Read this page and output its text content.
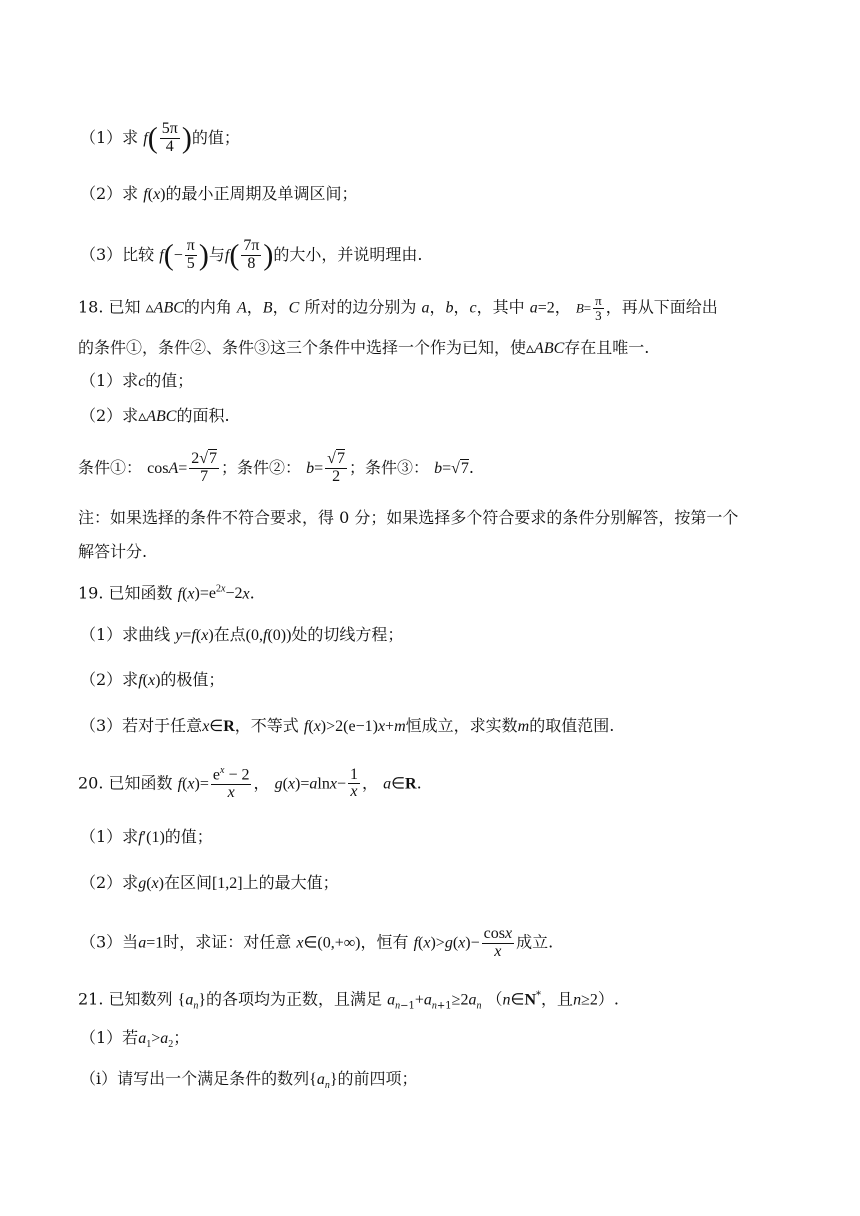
（1）求 $f( \frac{5\pi}{4}$ )的值；
（2）求 f(x)的最小正周期及单调区间；
（3）比较 $f(- \frac{\pi}{5}$ )与$f( \frac{7\pi}{8}$ )的大小，并说明理由.
18. 已知 ▵ABC的内角 A，B，C 所对的边分别为 a，b，c，其中 a=2， $B= \frac{\pi}{3}$ ，再从下面给出
的条件①，条件②、条件③这三个条件中选择一个作为已知，使▵ABC存在且唯一.
（1）求c的值；
（2）求▵ABC的面积.
条件①： $\cos A= \frac{2√7}{7}$ ；条件②： $b= \frac{√7}{2}$ ；条件③： b=√7.
注：如果选择的条件不符合要求，得 0 分；如果选择多个符合要求的条件分别解答，按第一个
解答计分.
19. 已知函数 $f(x)=e^{2x}-2x$.
（1）求曲线 y=f(x)在点(0,f(0))处的切线方程；
（2）求f(x)的极值；
（3）若对于任意x∈R，不等式 f(x)>2(e−1)x+m恒成立，求实数m的取值范围.
20. 已知函数 $f(x)= \frac{e^x - 2}{x}$ ， $g(x)=alnx- \frac{1}{x}$ ， a∈R.
（1）求f′(1)的值；
（2）求g(x)在区间[1,2]上的最大值；
（3）当a=1时，求证：对任意 x∈(0,+∞)，恒有 $f(x)>g(x)- \frac{\cos x}{x}$ 成立.
21. 已知数列 $\{a_n\}$的各项均为正数，且满足 $a_{n-1}+a_{n+1}\ge 2a_n$ （n∈N*，且n≥2）.
（1）若$a_1>a_2$；
（i）请写出一个满足条件的数列$\{a_n\}$的前四项；
